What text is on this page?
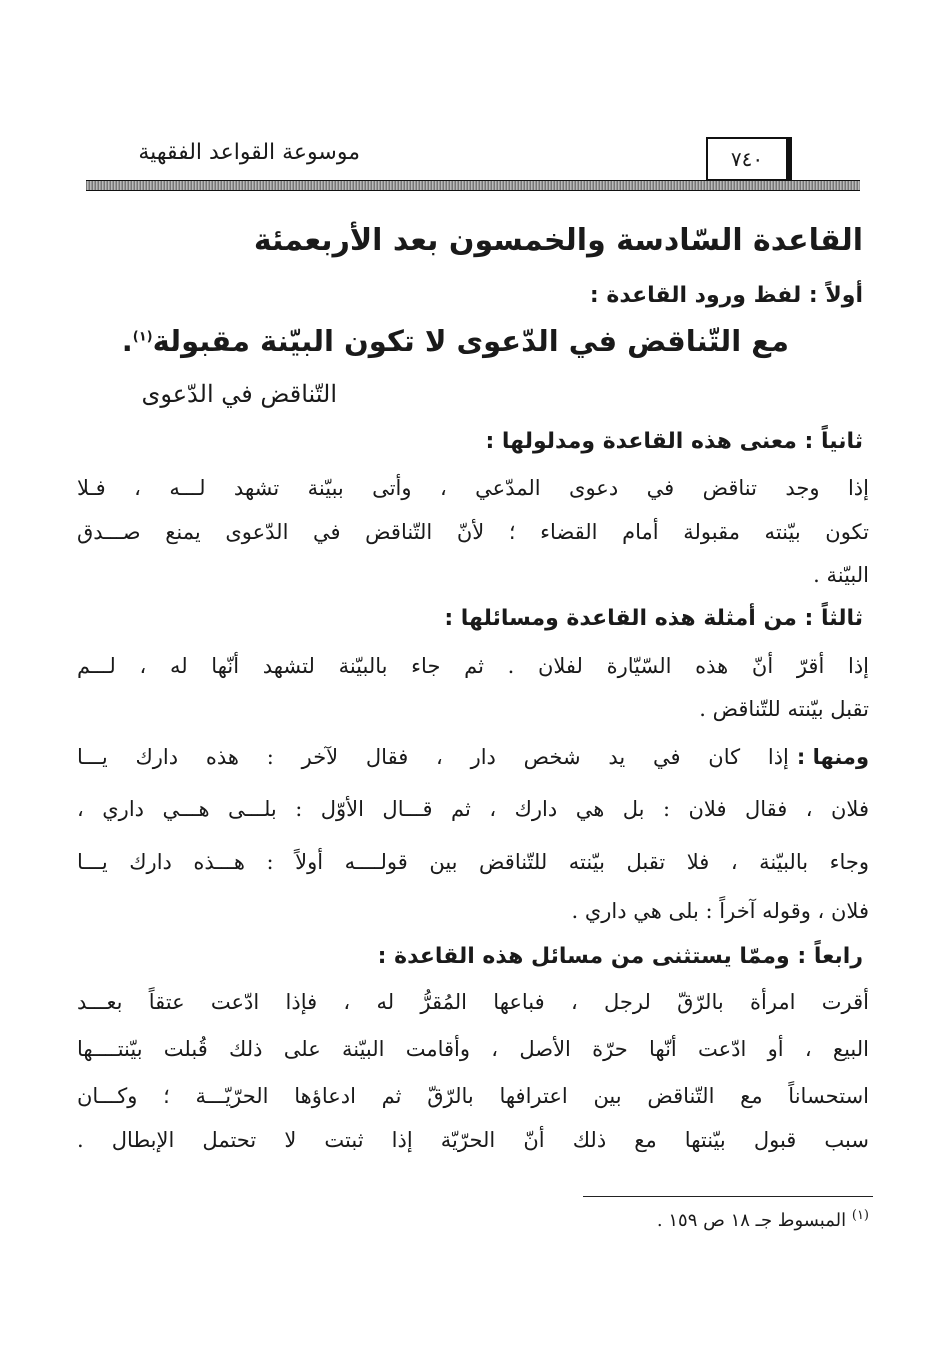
٧٤٠
موسوعة القواعد الفقهية
القاعدة السّادسة والخمسون بعد الأربعمئة
أولاً : لفظ ورود القاعدة :
مع التّناقض في الدّعوى لا تكون البيّنة مقبولة$^{(١)}$.
التّناقض في الدّعوى
ثانياً : معنى هذه القاعدة ومدلولها :
إذا وجد تناقض في دعوى المدّعي ، وأتى ببيّنة تشهد لـــه ، فـلا
تكون بيّنته مقبولة أمام القضاء ؛ لأنّ التّناقض في الدّعوى يمنع صـــدق
البيّنة .
ثالثاً : من أمثلة هذه القاعدة ومسائلها :
إذا أقرّ أنّ هذه السّيّارة لفلان . ثم جاء بالبيّنة لتشهد أنّها له ، لـــم
تقبل بيّنته للتّناقض .
ومنها :
إذا كان في يد شخص دار ، فقال لآخر : هذه دارك يـــا
فلان ، فقال فلان : بل هي دارك ، ثم قـــال الأوّل : بلـــى هـــي داري ،
وجاء بالبيّنة ، فلا تقبل بيّنته للتّناقض بين قولــــه أولاً : هـــذه دارك يـــا
فلان ، وقوله آخراً : بلى هي داري .
رابعاً : وممّا يستثنى من مسائل هذه القاعدة :
أقرت امرأة بالرّقّ لرجل ، فباعها المُقرُّ له ، فإذا ادّعت عتقاً بعـــد
البيع ، أو ادّعت أنّها حرّة الأصل ، وأقامت البيّنة على ذلك قُبلت بيّنتــــها
استحساناً مع التّناقض بين اعترافها بالرّقّ ثم ادعاؤها الحرّيّـــة ؛ وكـــان
سبب قبول بيّنتها مع ذلك أنّ الحرّيّة إذا ثبتت لا تحتمل الإبطال .
$^{(١)}$ المبسوط جـ ١٨ ص ١٥٩ .
